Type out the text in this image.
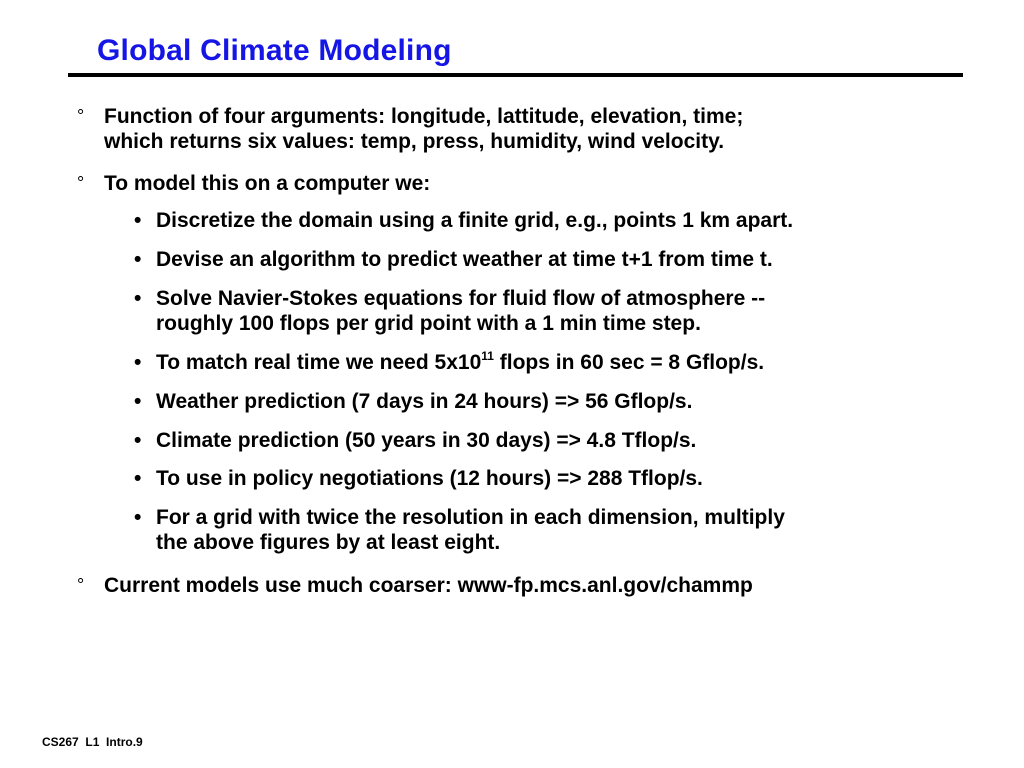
Global Climate Modeling
° Function of four arguments: longitude, lattitude, elevation, time;
which returns six values: temp, press, humidity, wind velocity.
° To model this on a computer we:
• Discretize the domain using a finite grid, e.g., points 1 km apart.
• Devise an algorithm to predict weather at time t+1 from time t.
• Solve Navier-Stokes equations for fluid flow of atmosphere --
roughly 100 flops per grid point with a 1 min time step.
• To match real time we need $5x10^{11}$ flops in 60 sec = 8 Gflop/s.
• Weather prediction (7 days in 24 hours) => 56 Gflop/s.
• Climate prediction (50 years in 30 days) => 4.8 Tflop/s.
• To use in policy negotiations (12 hours) => 288 Tflop/s.
• For a grid with twice the resolution in each dimension, multiply
the above figures by at least eight.
° Current models use much coarser: www-fp.mcs.anl.gov/chammp
CS267  L1  Intro.9
